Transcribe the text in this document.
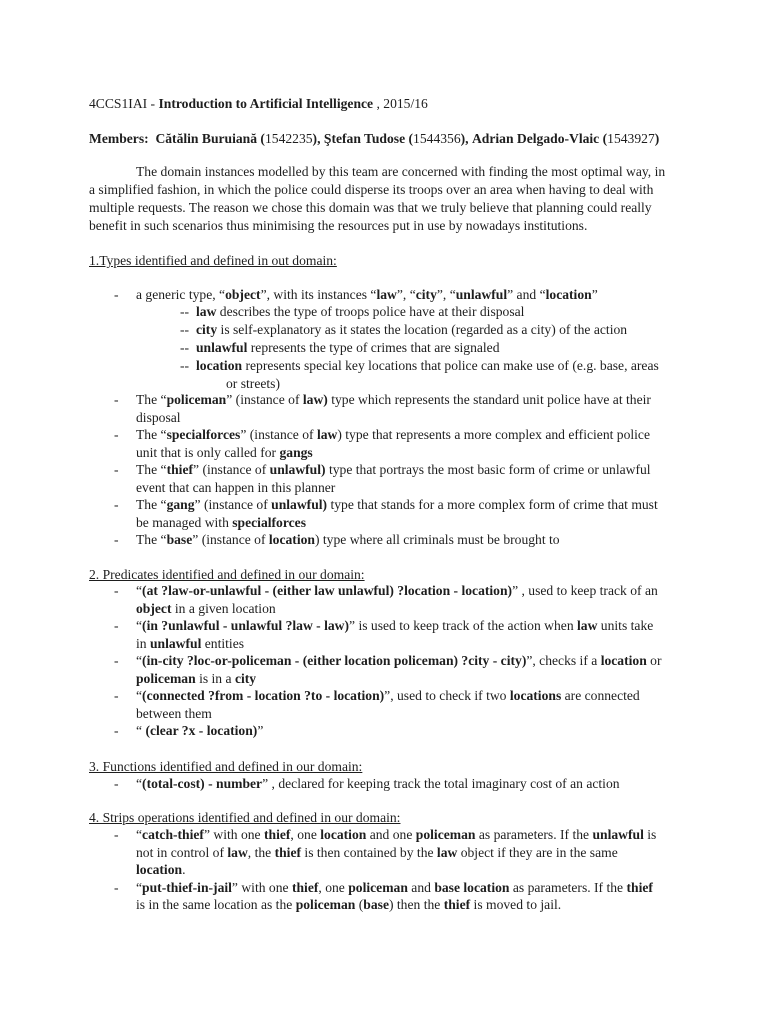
4CCS1IAI - Introduction to Artificial Intelligence , 2015/16
Members: Cătălin Buruiană (1542235), Ştefan Tudose (1544356), Adrian Delgado-Vlaic (1543927)
The domain instances modelled by this team are concerned with finding the most optimal way, in
a simplified fashion, in which the police could disperse its troops over an area when having to deal with
multiple requests. The reason we chose this domain was that we truly believe that planning could really
benefit in such scenarios thus minimising the resources put in use by nowadays institutions.
1.Types identified and defined in out domain:
- a generic type, “object”, with its instances “law”, “city”, “unlawful” and “location”
-- law describes the type of troops police have at their disposal
-- city is self-explanatory as it states the location (regarded as a city) of the action
-- unlawful represents the type of crimes that are signaled
-- location represents special key locations that police can make use of (e.g. base, areas
or streets)
- The “policeman” (instance of law) type which represents the standard unit police have at their disposal
- The “specialforces” (instance of law) type that represents a more complex and efficient police unit that is only called for gangs
- The “thief” (instance of unlawful) type that portrays the most basic form of crime or unlawful event that can happen in this planner
- The “gang” (instance of unlawful) type that stands for a more complex form of crime that must be managed with specialforces
- The “base” (instance of location) type where all criminals must be brought to
2. Predicates identified and defined in our domain:
- “(at ?law-or-unlawful - (either law unlawful) ?location - location)” , used to keep track of an object in a given location
- “(in ?unlawful - unlawful ?law - law)” is used to keep track of the action when law units take in unlawful entities
- “(in-city ?loc-or-policeman - (either location policeman) ?city - city)”, checks if a location or policeman is in a city
- “(connected ?from - location ?to - location)”, used to check if two locations are connected between them
- “ (clear ?x - location)”
3. Functions identified and defined in our domain:
- “(total-cost) - number” , declared for keeping track the total imaginary cost of an action
4. Strips operations identified and defined in our domain:
- “catch-thief” with one thief, one location and one policeman as parameters. If the unlawful is not in control of law, the thief is then contained by the law object if they are in the same location.
- “put-thief-in-jail” with one thief, one policeman and base location as parameters. If the thief is in the same location as the policeman (base) then the thief is moved to jail.
